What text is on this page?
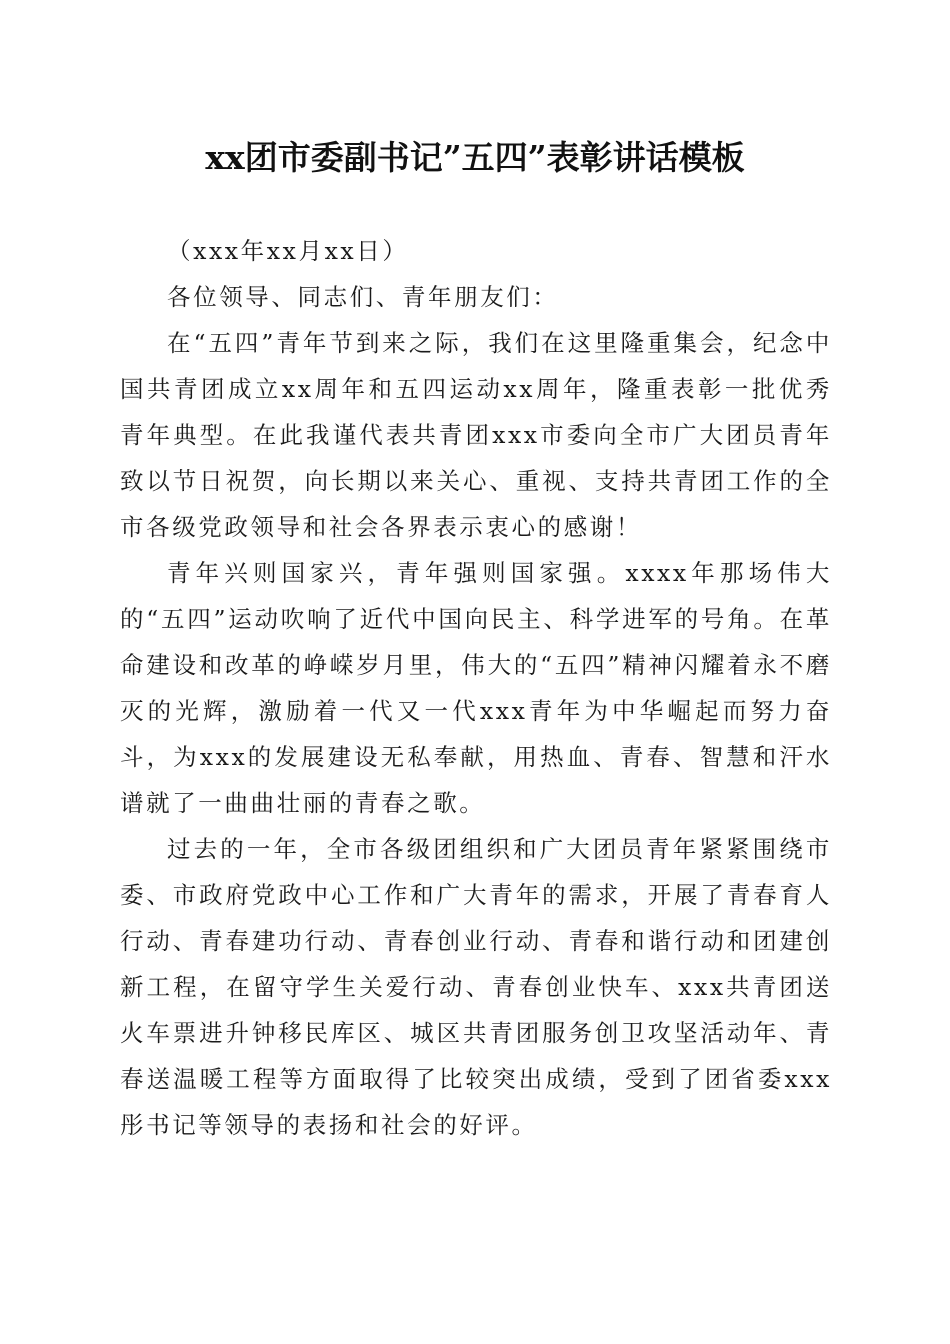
xx团市委副书记”五四”表彰讲话模板

（xxx年xx月xx日）

各位领导、同志们、青年朋友们：

在“五四”青年节到来之际，我们在这里隆重集会，纪念中国共青团成立xx周年和五四运动xx周年，隆重表彰一批优秀青年典型。在此我谨代表共青团xxx市委向全市广大团员青年致以节日祝贺，向长期以来关心、重视、支持共青团工作的全市各级党政领导和社会各界表示衷心的感谢！

青年兴则国家兴，青年强则国家强。xxxx年那场伟大的“五四”运动吹响了近代中国向民主、科学进军的号角。在革命建设和改革的峥嵘岁月里，伟大的“五四”精神闪耀着永不磨灭的光辉，激励着一代又一代xxx青年为中华崛起而努力奋斗，为xxx的发展建设无私奉献，用热血、青春、智慧和汗水谱就了一曲曲壮丽的青春之歌。

过去的一年，全市各级团组织和广大团员青年紧紧围绕市委、市政府党政中心工作和广大青年的需求，开展了青春育人行动、青春建功行动、青春创业行动、青春和谐行动和团建创新工程，在留守学生关爱行动、青春创业快车、xxx共青团送火车票进升钟移民库区、城区共青团服务创卫攻坚活动年、青春送温暖工程等方面取得了比较突出成绩，受到了团省委xxx彤书记等领导的表扬和社会的好评。
